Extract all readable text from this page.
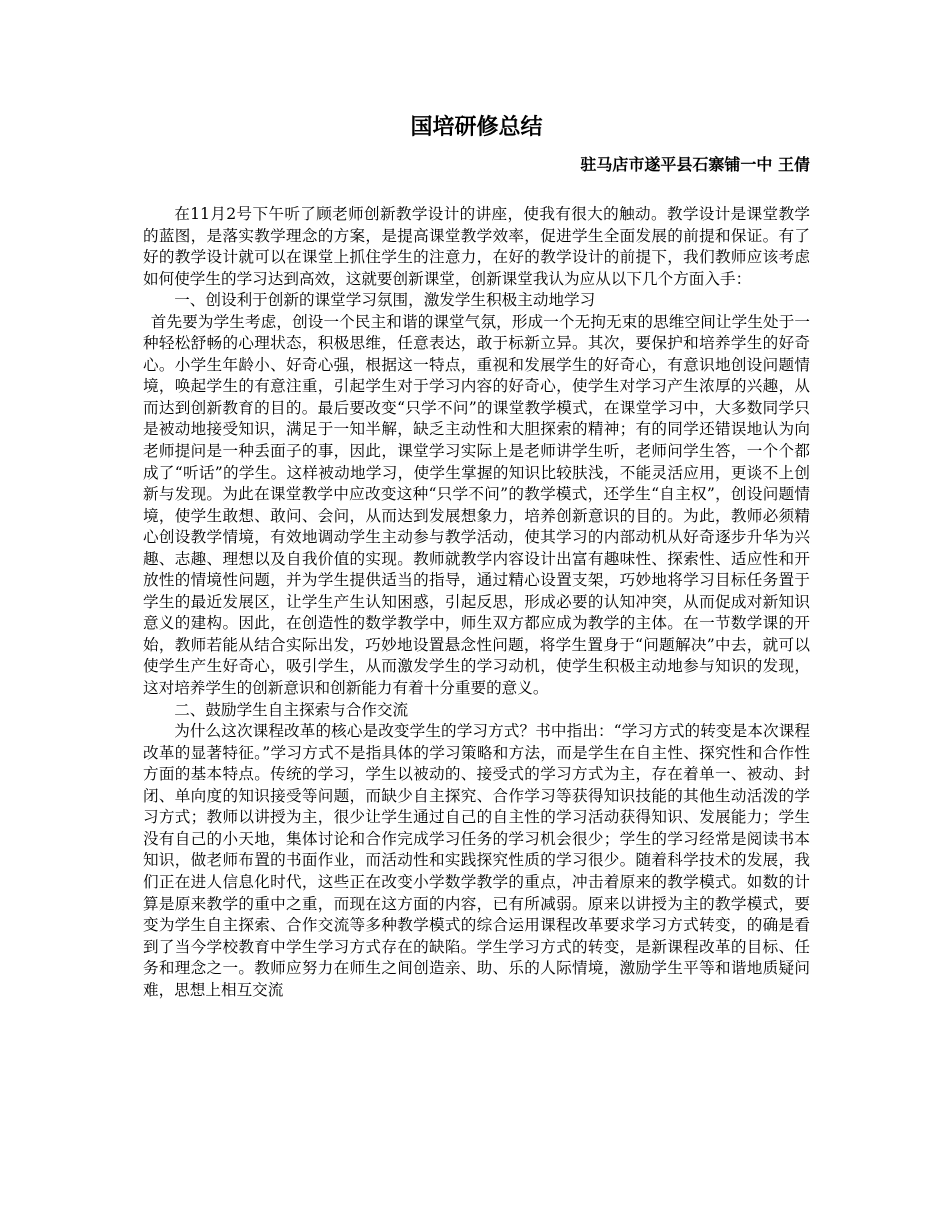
国培研修总结
驻马店市遂平县石寨铺一中 王倩

在11月2号下午听了顾老师创新教学设计的讲座，使我有很大的触动。教学设计是课堂教学的蓝图，是落实教学理念的方案，是提高课堂教学效率，促进学生全面发展的前提和保证。有了好的教学设计就可以在课堂上抓住学生的注意力，在好的教学设计的前提下，我们教师应该考虑如何使学生的学习达到高效，这就要创新课堂，创新课堂我认为应从以下几个方面入手：

一、创设利于创新的课堂学习氛围，激发学生积极主动地学习

首先要为学生考虑，创设一个民主和谐的课堂气氛，形成一个无拘无束的思维空间让学生处于一种轻松舒畅的心理状态，积极思维，任意表达，敢于标新立异。其次，要保护和培养学生的好奇心。小学生年龄小、好奇心强，根据这一特点，重视和发展学生的好奇心，有意识地创设问题情境，唤起学生的有意注重，引起学生对于学习内容的好奇心，使学生对学习产生浓厚的兴趣，从而达到创新教育的目的。最后要改变“只学不问”的课堂教学模式，在课堂学习中，大多数同学只是被动地接受知识，满足于一知半解，缺乏主动性和大胆探索的精神；有的同学还错误地认为向老师提问是一种丢面子的事，因此，课堂学习实际上是老师讲学生听，老师问学生答，一个个都成了“听话”的学生。这样被动地学习，使学生掌握的知识比较肤浅，不能灵活应用，更谈不上创新与发现。为此在课堂教学中应改变这种“只学不问”的教学模式，还学生“自主权”，创设问题情境，使学生敢想、敢问、会问，从而达到发展想象力，培养创新意识的目的。为此，教师必须精心创设教学情境，有效地调动学生主动参与教学活动，使其学习的内部动机从好奇逐步升华为兴趣、志趣、理想以及自我价值的实现。教师就教学内容设计出富有趣味性、探索性、适应性和开放性的情境性问题，并为学生提供适当的指导，通过精心设置支架，巧妙地将学习目标任务置于学生的最近发展区，让学生产生认知困惑，引起反思，形成必要的认知冲突，从而促成对新知识意义的建构。因此，在创造性的数学教学中，师生双方都应成为教学的主体。在一节数学课的开始，教师若能从结合实际出发，巧妙地设置悬念性问题，将学生置身于“问题解决”中去，就可以使学生产生好奇心，吸引学生，从而激发学生的学习动机，使学生积极主动地参与知识的发现，这对培养学生的创新意识和创新能力有着十分重要的意义。

二、鼓励学生自主探索与合作交流

为什么这次课程改革的核心是改变学生的学习方式？书中指出：“学习方式的转变是本次课程改革的显著特征。”学习方式不是指具体的学习策略和方法，而是学生在自主性、探究性和合作性方面的基本特点。传统的学习，学生以被动的、接受式的学习方式为主，存在着单一、被动、封闭、单向度的知识接受等问题，而缺少自主探究、合作学习等获得知识技能的其他生动活泼的学习方式；教师以讲授为主，很少让学生通过自己的自主性的学习活动获得知识、发展能力；学生没有自己的小天地，集体讨论和合作完成学习任务的学习机会很少；学生的学习经常是阅读书本知识，做老师布置的书面作业，而活动性和实践探究性质的学习很少。随着科学技术的发展，我们正在进人信息化时代，这些正在改变小学数学教学的重点，冲击着原来的教学模式。如数的计算是原来教学的重中之重，而现在这方面的内容，已有所减弱。原来以讲授为主的教学模式，要变为学生自主探索、合作交流等多种教学模式的综合运用课程改革要求学习方式转变，的确是看到了当今学校教育中学生学习方式存在的缺陷。学生学习方式的转变，是新课程改革的目标、任务和理念之一。教师应努力在师生之间创造亲、助、乐的人际情境，激励学生平等和谐地质疑问难，思想上相互交流
